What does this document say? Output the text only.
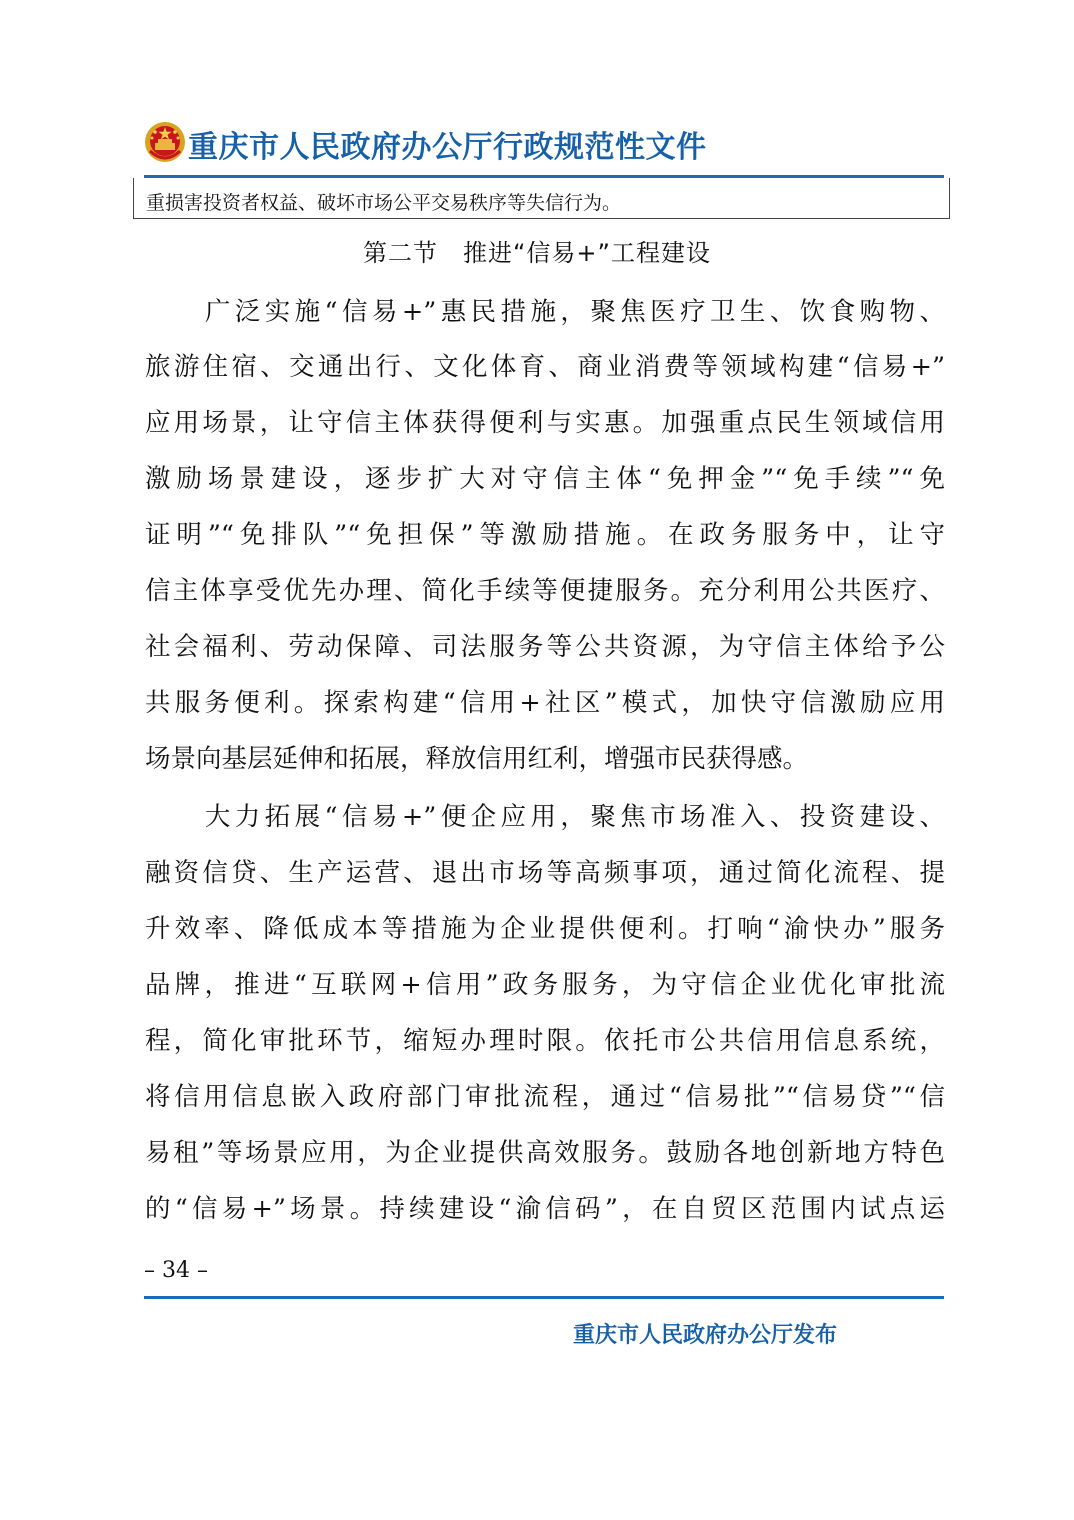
重庆市人民政府办公厅行政规范性文件
重损害投资者权益、破坏市场公平交易秩序等失信行为。
第二节　推进“信易+”工程建设
　　广泛实施“信易+”惠民措施，聚焦医疗卫生、饮食购物、
旅游住宿、交通出行、文化体育、商业消费等领域构建“信易+”
应用场景，让守信主体获得便利与实惠。加强重点民生领域信用
激励场景建设，逐步扩大对守信主体“免押金”“免手续”“免
证明”“免排队”“免担保”等激励措施。在政务服务中，让守
信主体享受优先办理、简化手续等便捷服务。充分利用公共医疗、
社会福利、劳动保障、司法服务等公共资源，为守信主体给予公
共服务便利。探索构建“信用+社区”模式，加快守信激励应用
场景向基层延伸和拓展，释放信用红利，增强市民获得感。
　　大力拓展“信易+”便企应用，聚焦市场准入、投资建设、
融资信贷、生产运营、退出市场等高频事项，通过简化流程、提
升效率、降低成本等措施为企业提供便利。打响“渝快办”服务
品牌，推进“互联网+信用”政务服务，为守信企业优化审批流
程，简化审批环节，缩短办理时限。依托市公共信用信息系统，
将信用信息嵌入政府部门审批流程，通过“信易批”“信易贷”“信
易租”等场景应用，为企业提供高效服务。鼓励各地创新地方特色
的“信易+”场景。持续建设“渝信码”，在自贸区范围内试点运
– 34 –
重庆市人民政府办公厅发布
